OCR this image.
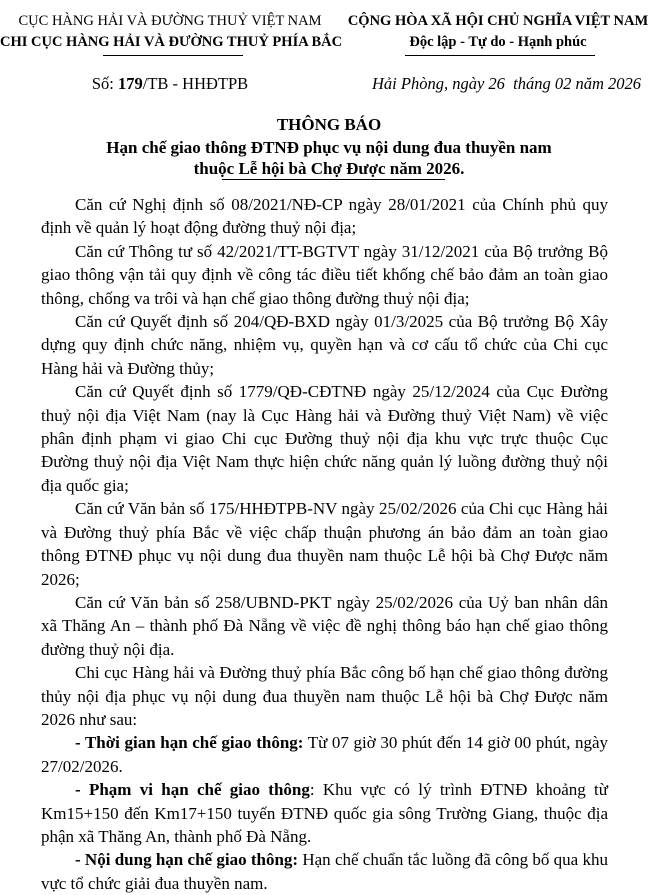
CỤC HÀNG HẢI VÀ ĐƯỜNG THUỶ VIỆT NAM
CHI CỤC HÀNG HẢI VÀ ĐƯỜNG THUỶ PHÍA BẮC
CỘNG HÒA XÃ HỘI CHỦ NGHĨA VIỆT NAM
Độc lập - Tự do - Hạnh phúc
Số: 179/TB - HHĐTPB	Hải Phòng, ngày 26  tháng 02 năm 2026
THÔNG BÁO
Hạn chế giao thông ĐTNĐ phục vụ nội dung đua thuyền nam
thuộc Lễ hội bà Chợ Được năm 2026.

Căn cứ Nghị định số 08/2021/NĐ-CP ngày 28/01/2021 của Chính phủ quy định về quản lý hoạt động đường thuỷ nội địa;

Căn cứ Thông tư số 42/2021/TT-BGTVT ngày 31/12/2021 của Bộ trưởng Bộ giao thông vận tải quy định về công tác điều tiết khống chế bảo đảm an toàn giao thông, chống va trôi và hạn chế giao thông đường thuỷ nội địa;

Căn cứ Quyết định số 204/QĐ-BXD ngày 01/3/2025 của Bộ trưởng Bộ Xây dựng quy định chức năng, nhiệm vụ, quyền hạn và cơ cấu tổ chức của Chi cục Hàng hải và Đường thủy;

Căn cứ Quyết định số 1779/QĐ-CĐTNĐ ngày 25/12/2024 của Cục Đường thuỷ nội địa Việt Nam (nay là Cục Hàng hải và Đường thuỷ Việt Nam) về việc phân định phạm vi giao Chi cục Đường thuỷ nội địa khu vực trực thuộc Cục Đường thuỷ nội địa Việt Nam thực hiện chức năng quản lý luồng đường thuỷ nội địa quốc gia;

Căn cứ Văn bản số 175/HHĐTPB-NV ngày 25/02/2026 của Chi cục Hàng hải và Đường thuỷ phía Bắc về việc chấp thuận phương án bảo đảm an toàn giao thông ĐTNĐ phục vụ nội dung đua thuyền nam thuộc Lễ hội bà Chợ Được năm 2026;

Căn cứ Văn bản số 258/UBND-PKT ngày 25/02/2026 của Uỷ ban nhân dân xã Thăng An – thành phố Đà Nẵng về việc đề nghị thông báo hạn chế giao thông đường thuỷ nội địa.

Chi cục Hàng hải và Đường thuỷ phía Bắc công bố hạn chế giao thông đường thủy nội địa phục vụ nội dung đua thuyền nam thuộc Lễ hội bà Chợ Được năm 2026 như sau:

- Thời gian hạn chế giao thông: Từ 07 giờ 30 phút đến 14 giờ 00 phút, ngày 27/02/2026.

- Phạm vi hạn chế giao thông: Khu vực có lý trình ĐTNĐ khoảng từ Km15+150 đến Km17+150 tuyến ĐTNĐ quốc gia sông Trường Giang, thuộc địa phận xã Thăng An, thành phố Đà Nẵng.

- Nội dung hạn chế giao thông: Hạn chế chuẩn tắc luồng đã công bố qua khu vực tổ chức giải đua thuyền nam.
